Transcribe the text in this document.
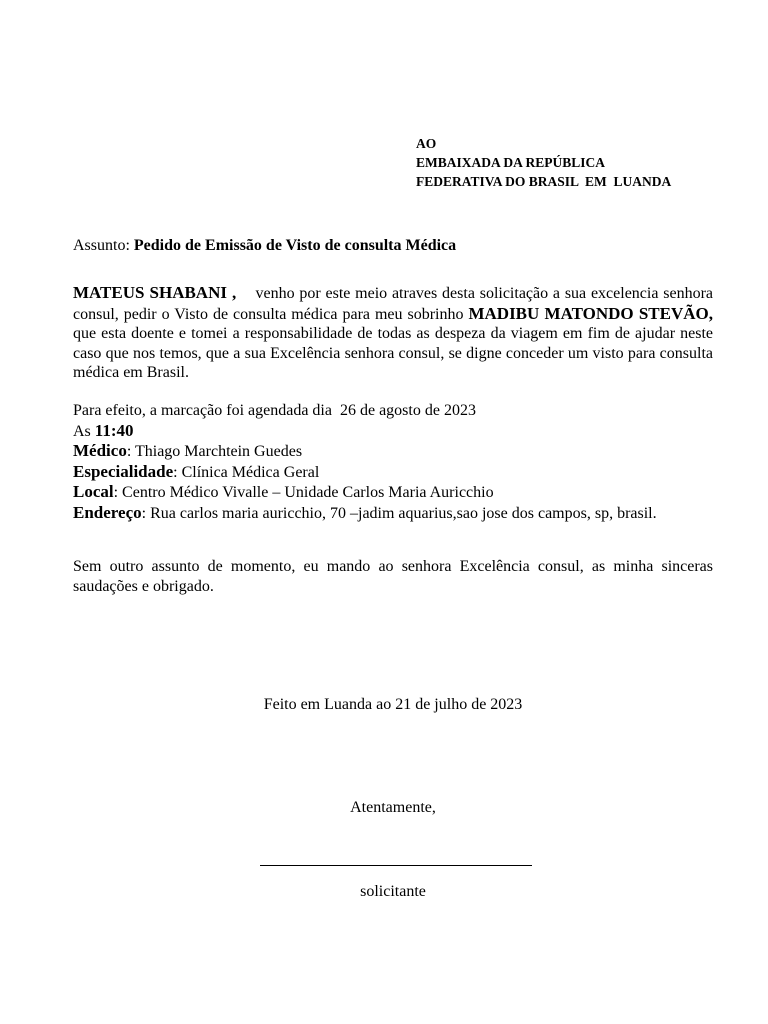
AO
EMBAIXADA DA REPÚBLICA
FEDERATIVA DO BRASIL  EM  LUANDA
Assunto: Pedido de Emissão de Visto de consulta Médica
MATEUS SHABANI ,    venho por este meio atraves desta solicitação a sua excelencia senhora consul, pedir o Visto de consulta médica para meu sobrinho MADIBU MATONDO STEVÃO,  que esta doente e tomei a responsabilidade de todas as despeza da viagem em fim de ajudar neste caso que nos temos, que a sua Excelência senhora consul, se digne conceder um visto para consulta médica em Brasil.
Para efeito, a marcação foi agendada dia  26 de agosto de 2023
As 11:40
Médico: Thiago Marchtein Guedes
Especialidade: Clínica Médica Geral
Local: Centro Médico Vivalle – Unidade Carlos Maria Auricchio
Endereço: Rua carlos maria auricchio, 70 –jadim aquarius,sao jose dos campos, sp, brasil.
Sem outro assunto de momento, eu mando ao senhora Excelência consul, as minha sinceras saudações e obrigado.
Feito em Luanda ao 21 de julho de 2023
Atentamente,
solicitante
